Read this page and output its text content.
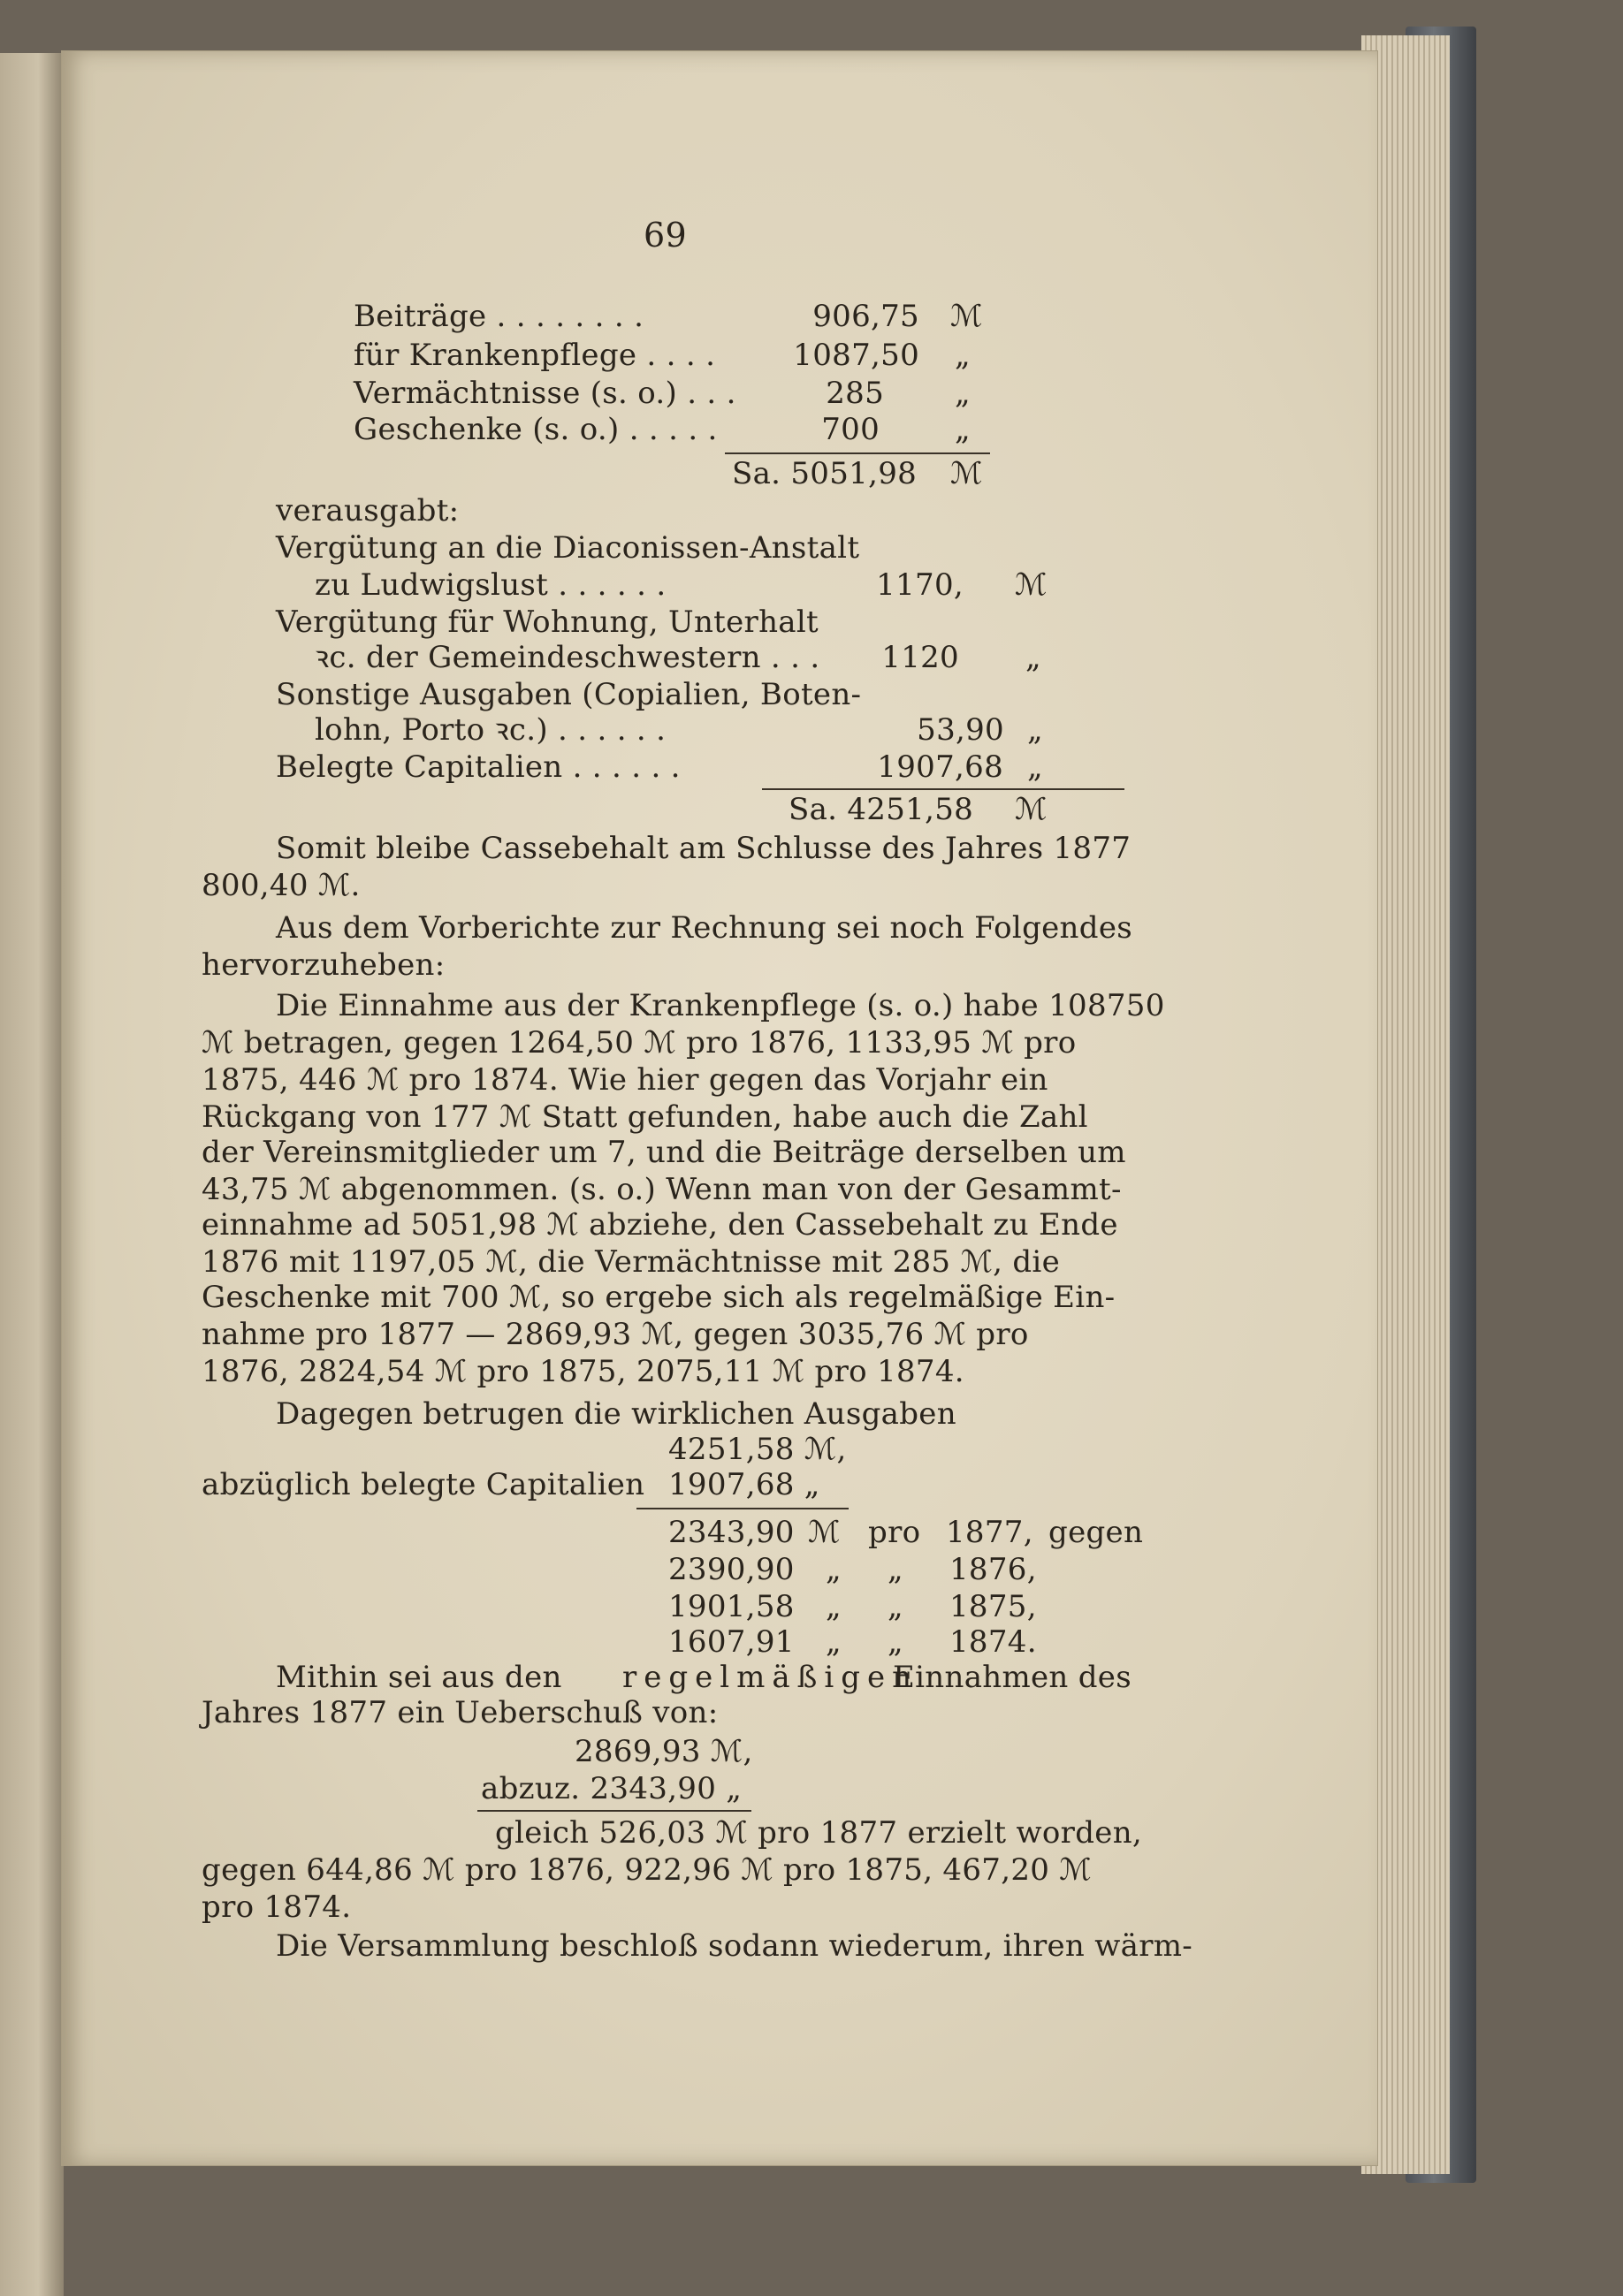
69
Beiträge . . . . . . . .	906,75 ℳ
für Krankenpflege . . . .	1087,50 „
Vermächtnisse (s. o.) . . .	285 „
Geschenke (s. o.) . . . . .	700	„
Sa. 5051,98 ℳ
verausgabt:
Vergütung an die Diaconissen-Anstalt
zu Ludwigslust . . . . . .	1170, ℳ
Vergütung für Wohnung, Unterhalt
ꝛc. der Gemeindeschwestern . . .	1120 „
Sonstige Ausgaben (Copialien, Boten-
lohn, Porto ꝛc.) . . . . . .	53,90 „
Belegte Capitalien . . . . . .	1907,68 „
Sa. 4251,58 ℳ
Somit bleibe Cassebehalt am Schlusse des Jahres 1877
800,40 ℳ.
Aus dem Vorberichte zur Rechnung sei noch Folgendes
hervorzuheben:
Die Einnahme aus der Krankenpflege (s. o.) habe 108750
ℳ betragen, gegen 1264,50 ℳ pro 1876, 1133,95 ℳ pro
1875, 446 ℳ pro 1874. Wie hier gegen das Vorjahr ein
Rückgang von 177 ℳ Statt gefunden, habe auch die Zahl
der Vereinsmitglieder um 7, und die Beiträge derselben um
43,75 ℳ abgenommen. (s. o.) Wenn man von der Gesammt-
einnahme ad 5051,98 ℳ abziehe, den Cassebehalt zu Ende
1876 mit 1197,05 ℳ, die Vermächtnisse mit 285 ℳ, die
Geschenke mit 700 ℳ, so ergebe sich als regelmäßige Ein-
nahme pro 1877 — 2869,93 ℳ, gegen 3035,76 ℳ pro
1876, 2824,54 ℳ pro 1875, 2075,11 ℳ pro 1874.
Dagegen betrugen die wirklichen Ausgaben
4251,58 ℳ,
abzüglich belegte Capitalien 1907,68 „
2343,90 ℳ pro 1877, gegen
2390,90 „ „ 1876,
1901,58 „ „ 1875,
1607,91 „ „ 1874.
Mithin sei aus den regelmäßigen
Einnahmen des
Jahres 1877 ein Ueberschuß von:
2869,93 ℳ,
abzuz. 2343,90 „
gleich 526,03 ℳ pro 1877 erzielt worden,
gegen 644,86 ℳ pro 1876, 922,96 ℳ pro 1875, 467,20 ℳ
pro 1874.
Die Versammlung beschloß sodann wiederum, ihren wärm-
